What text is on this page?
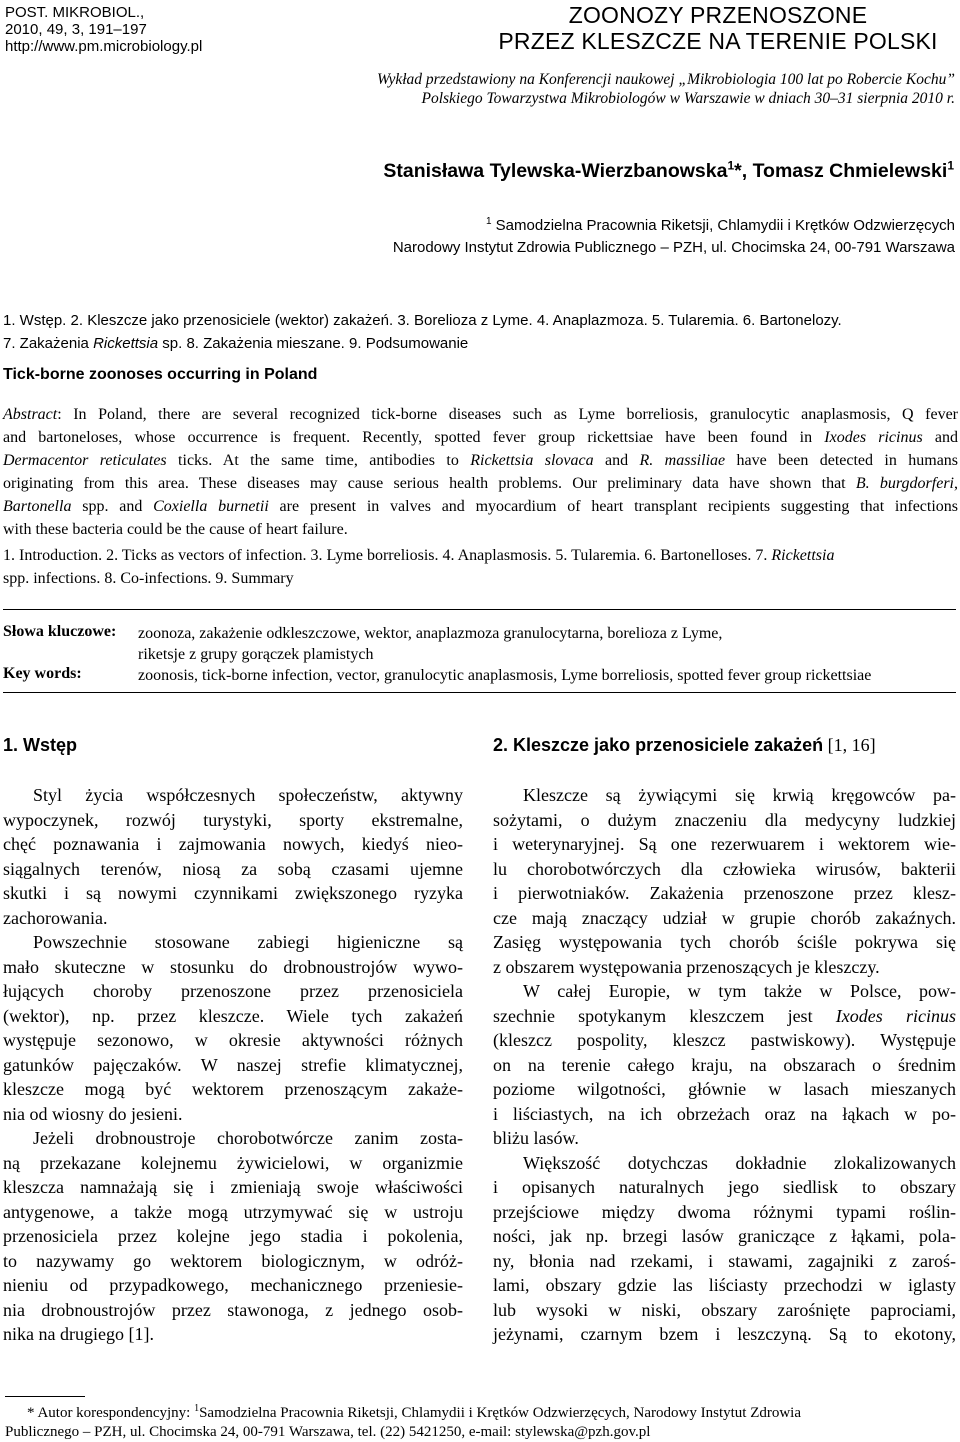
POST. MIKROBIOL.,
2010, 49, 3, 191–197
http://www.pm.microbiology.pl
ZOONOZY PRZENOSZONE
PRZEZ KLESZCZE NA TERENIE POLSKI
Wykład przedstawiony na Konferencji naukowej „Mikrobiologia 100 lat po Robercie Kochu”
Polskiego Towarzystwa Mikrobiologów w Warszawie w dniach 30–31 sierpnia 2010 r.
Stanisława Tylewska-Wierzbanowska$^1$*, Tomasz Chmielewski$^1$
$^1$ Samodzielna Pracownia Riketsji, Chlamydii i Krętków Odzwierzęcych
Narodowy Instytut Zdrowia Publicznego – PZH, ul. Chocimska 24, 00-791 Warszawa
1. Wstęp. 2. Kleszcze jako przenosiciele (wektor) zakażeń. 3. Borelioza z Lyme. 4. Anaplazmoza. 5. Tularemia. 6. Bartonelozy.
7. Zakażenia Rickettsia sp. 8. Zakażenia mieszane. 9. Podsumowanie
Tick-borne zoonoses occurring in Poland
Abstract: In Poland, there are several recognized tick-borne diseases such as Lyme borreliosis, granulocytic anaplasmosis, Q fever
and bartoneloses, whose occurrence is frequent. Recently, spotted fever group rickettsiae have been found in Ixodes ricinus and
Dermacentor reticulates ticks. At the same time, antibodies to Rickettsia slovaca and R. massiliae have been detected in humans
originating from this area. These diseases may cause serious health problems. Our preliminary data have shown that B. burgdorferi,
Bartonella spp. and Coxiella burnetii are present in valves and myocardium of heart transplant recipients suggesting that infections
with these bacteria could be the cause of heart failure.
1. Introduction. 2. Ticks as vectors of infection. 3. Lyme borreliosis. 4. Anaplasmosis. 5. Tularemia. 6. Bartonelloses. 7. Rickettsia
spp. infections. 8. Co-infections. 9. Summary
Słowa kluczowe: zoonoza, zakażenie odkleszczowe, wektor, anaplazmoza granulocytarna, borelioza z Lyme,
riketsje z grupy gorączek plamistych
Key words:	zoonosis, tick-borne infection, vector, granulocytic anaplasmosis, Lyme borreliosis, spotted fever group rickettsiae
1. Wstęp
Styl życia współczesnych społeczeństw, aktywny
wypoczynek, rozwój turystyki, sporty ekstremalne,
chęć poznawania i zajmowania nowych, kiedyś nieo-
siągalnych terenów, niosą za sobą czasami ujemne
skutki i są nowymi czynnikami zwiększonego ryzyka
zachorowania.
Powszechnie stosowane zabiegi higieniczne są
mało skuteczne w stosunku do drobnoustrojów wywo-
łujących choroby przenoszone przez przenosiciela
(wektor), np. przez kleszcze. Wiele tych zakażeń
występuje sezonowo, w okresie aktywności różnych
gatunków pajęczaków. W naszej strefie klimatycznej,
kleszcze mogą być wektorem przenoszącym zakaże-
nia od wiosny do jesieni.
Jeżeli drobnoustroje chorobotwórcze zanim zosta-
ną przekazane kolejnemu żywicielowi, w organizmie
kleszcza namnażają się i zmieniają swoje właściwości
antygenowe, a także mogą utrzymywać się w ustroju
przenosiciela przez kolejne jego stadia i pokolenia,
to nazywamy go wektorem biologicznym, w odróż-
nieniu od przypadkowego, mechanicznego przeniesie-
nia drobnoustrojów przez stawonoga, z jednego osob-
nika na drugiego [1].
2. Kleszcze jako przenosiciele zakażeń [1, 16]
Kleszcze są żywiącymi się krwią kręgowców pa-
sożytami, o dużym znaczeniu dla medycyny ludzkiej
i weterynaryjnej. Są one rezerwuarem i wektorem wie-
lu chorobotwórczych dla człowieka wirusów, bakterii
i pierwotniaków. Zakażenia przenoszone przez klesz-
cze mają znaczący udział w grupie chorób zakaźnych.
Zasięg występowania tych chorób ściśle pokrywa się
z obszarem występowania przenoszących je kleszczy.
W całej Europie, w tym także w Polsce, pow-
szechnie spotykanym kleszczem jest Ixodes ricinus
(kleszcz pospolity, kleszcz pastwiskowy). Występuje
on na terenie całego kraju, na obszarach o średnim
poziome wilgotności, głównie w lasach mieszanych
i liściastych, na ich obrzeżach oraz na łąkach w po-
bliżu lasów.
Większość dotychczas dokładnie zlokalizowanych
i opisanych naturalnych jego siedlisk to obszary
przejściowe między dwoma różnymi typami roślin-
ności, jak np. brzegi lasów graniczące z łąkami, pola-
ny, błonia nad rzekami, i stawami, zagajniki z zaroś-
lami, obszary gdzie las liściasty przechodzi w iglasty
lub wysoki w niski, obszary zarośnięte paprociami,
jeżynami, czarnym bzem i leszczyną. Są to ekotony,
* Autor korespondencyjny: $^1$Samodzielna Pracownia Riketsji, Chlamydii i Krętków Odzwierzęcych, Narodowy Instytut Zdrowia
Publicznego – PZH, ul. Chocimska 24, 00-791 Warszawa, tel. (22) 5421250, e-mail: stylewska@pzh.gov.pl
